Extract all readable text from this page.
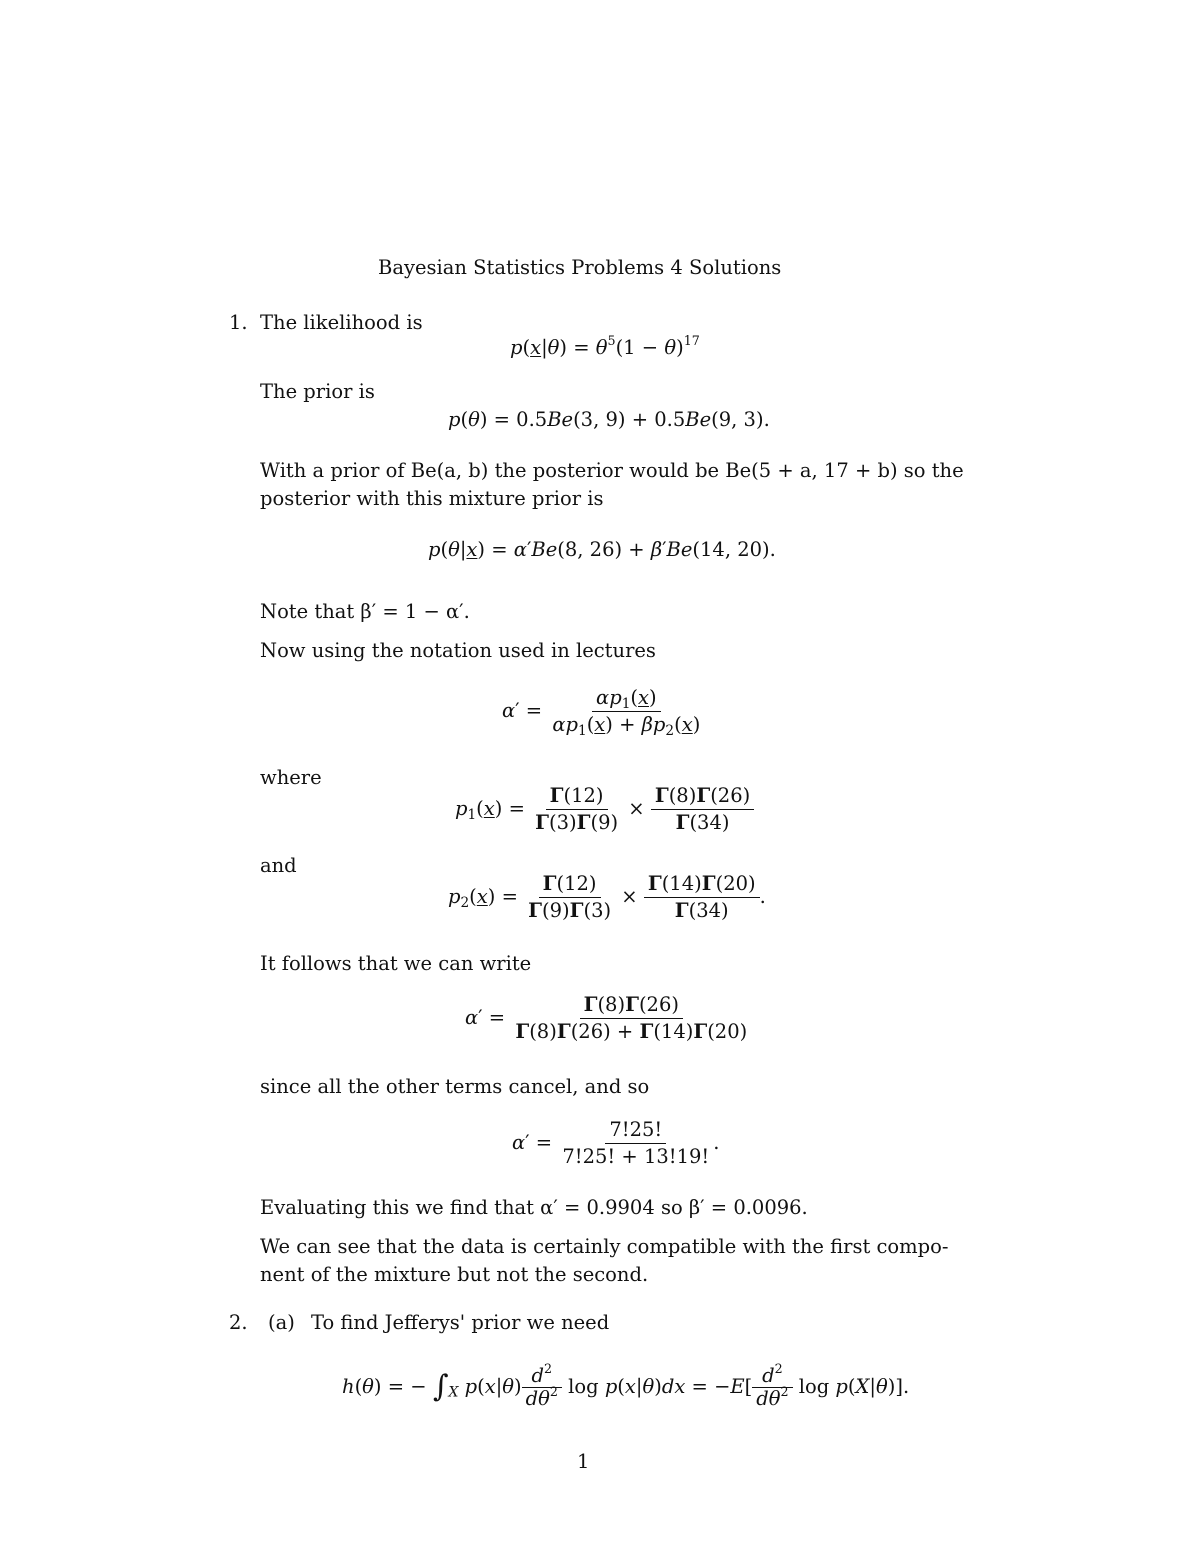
Bayesian Statistics Problems 4 Solutions
1. The likelihood is
$p(x|\theta) = \theta^5(1 - \theta)^{17}$
The prior is
p(θ) = 0.5Be(3, 9) + 0.5Be(9, 3).
With a prior of Be(a, b) the posterior would be Be(5 + a, 17 + b) so the
posterior with this mixture prior is
p(θ|x) = α′Be(8, 26) + β′Be(14, 20).
Note that β′ = 1 − α′.
Now using the notation used in lectures
$\alpha' = \frac{\alpha p_1(x)}{\alpha p_1(x) + \beta p_2(x)}$
where
$p_1(x) = \frac{\Gamma(12)}{\Gamma(3)\Gamma(9)} \times \frac{\Gamma(8)\Gamma(26)}{\Gamma(34)}$
and
$p_2(x) = \frac{\Gamma(12)}{\Gamma(9)\Gamma(3)} \times \frac{\Gamma(14)\Gamma(20)}{\Gamma(34)}$ .
It follows that we can write
$\alpha' = \frac{\Gamma(8)\Gamma(26)}{\Gamma(8)\Gamma(26) + \Gamma(14)\Gamma(20)}$
since all the other terms cancel, and so
$\alpha' = \frac{7!25!}{7!25! + 13!19!}$ .
Evaluating this we find that α′ = 0.9904 so β′ = 0.0096.
We can see that the data is certainly compatible with the first compo-
nent of the mixture but not the second.
2. (a) To find Jefferys' prior we need
h(θ) = − $\int_X$ $p(x|\theta) \frac{d^2}{d\theta^2}$ $\log p(x|\theta)dx = -E[ \frac{d^2}{d\theta^2}$ log p(X|θ)].
1
